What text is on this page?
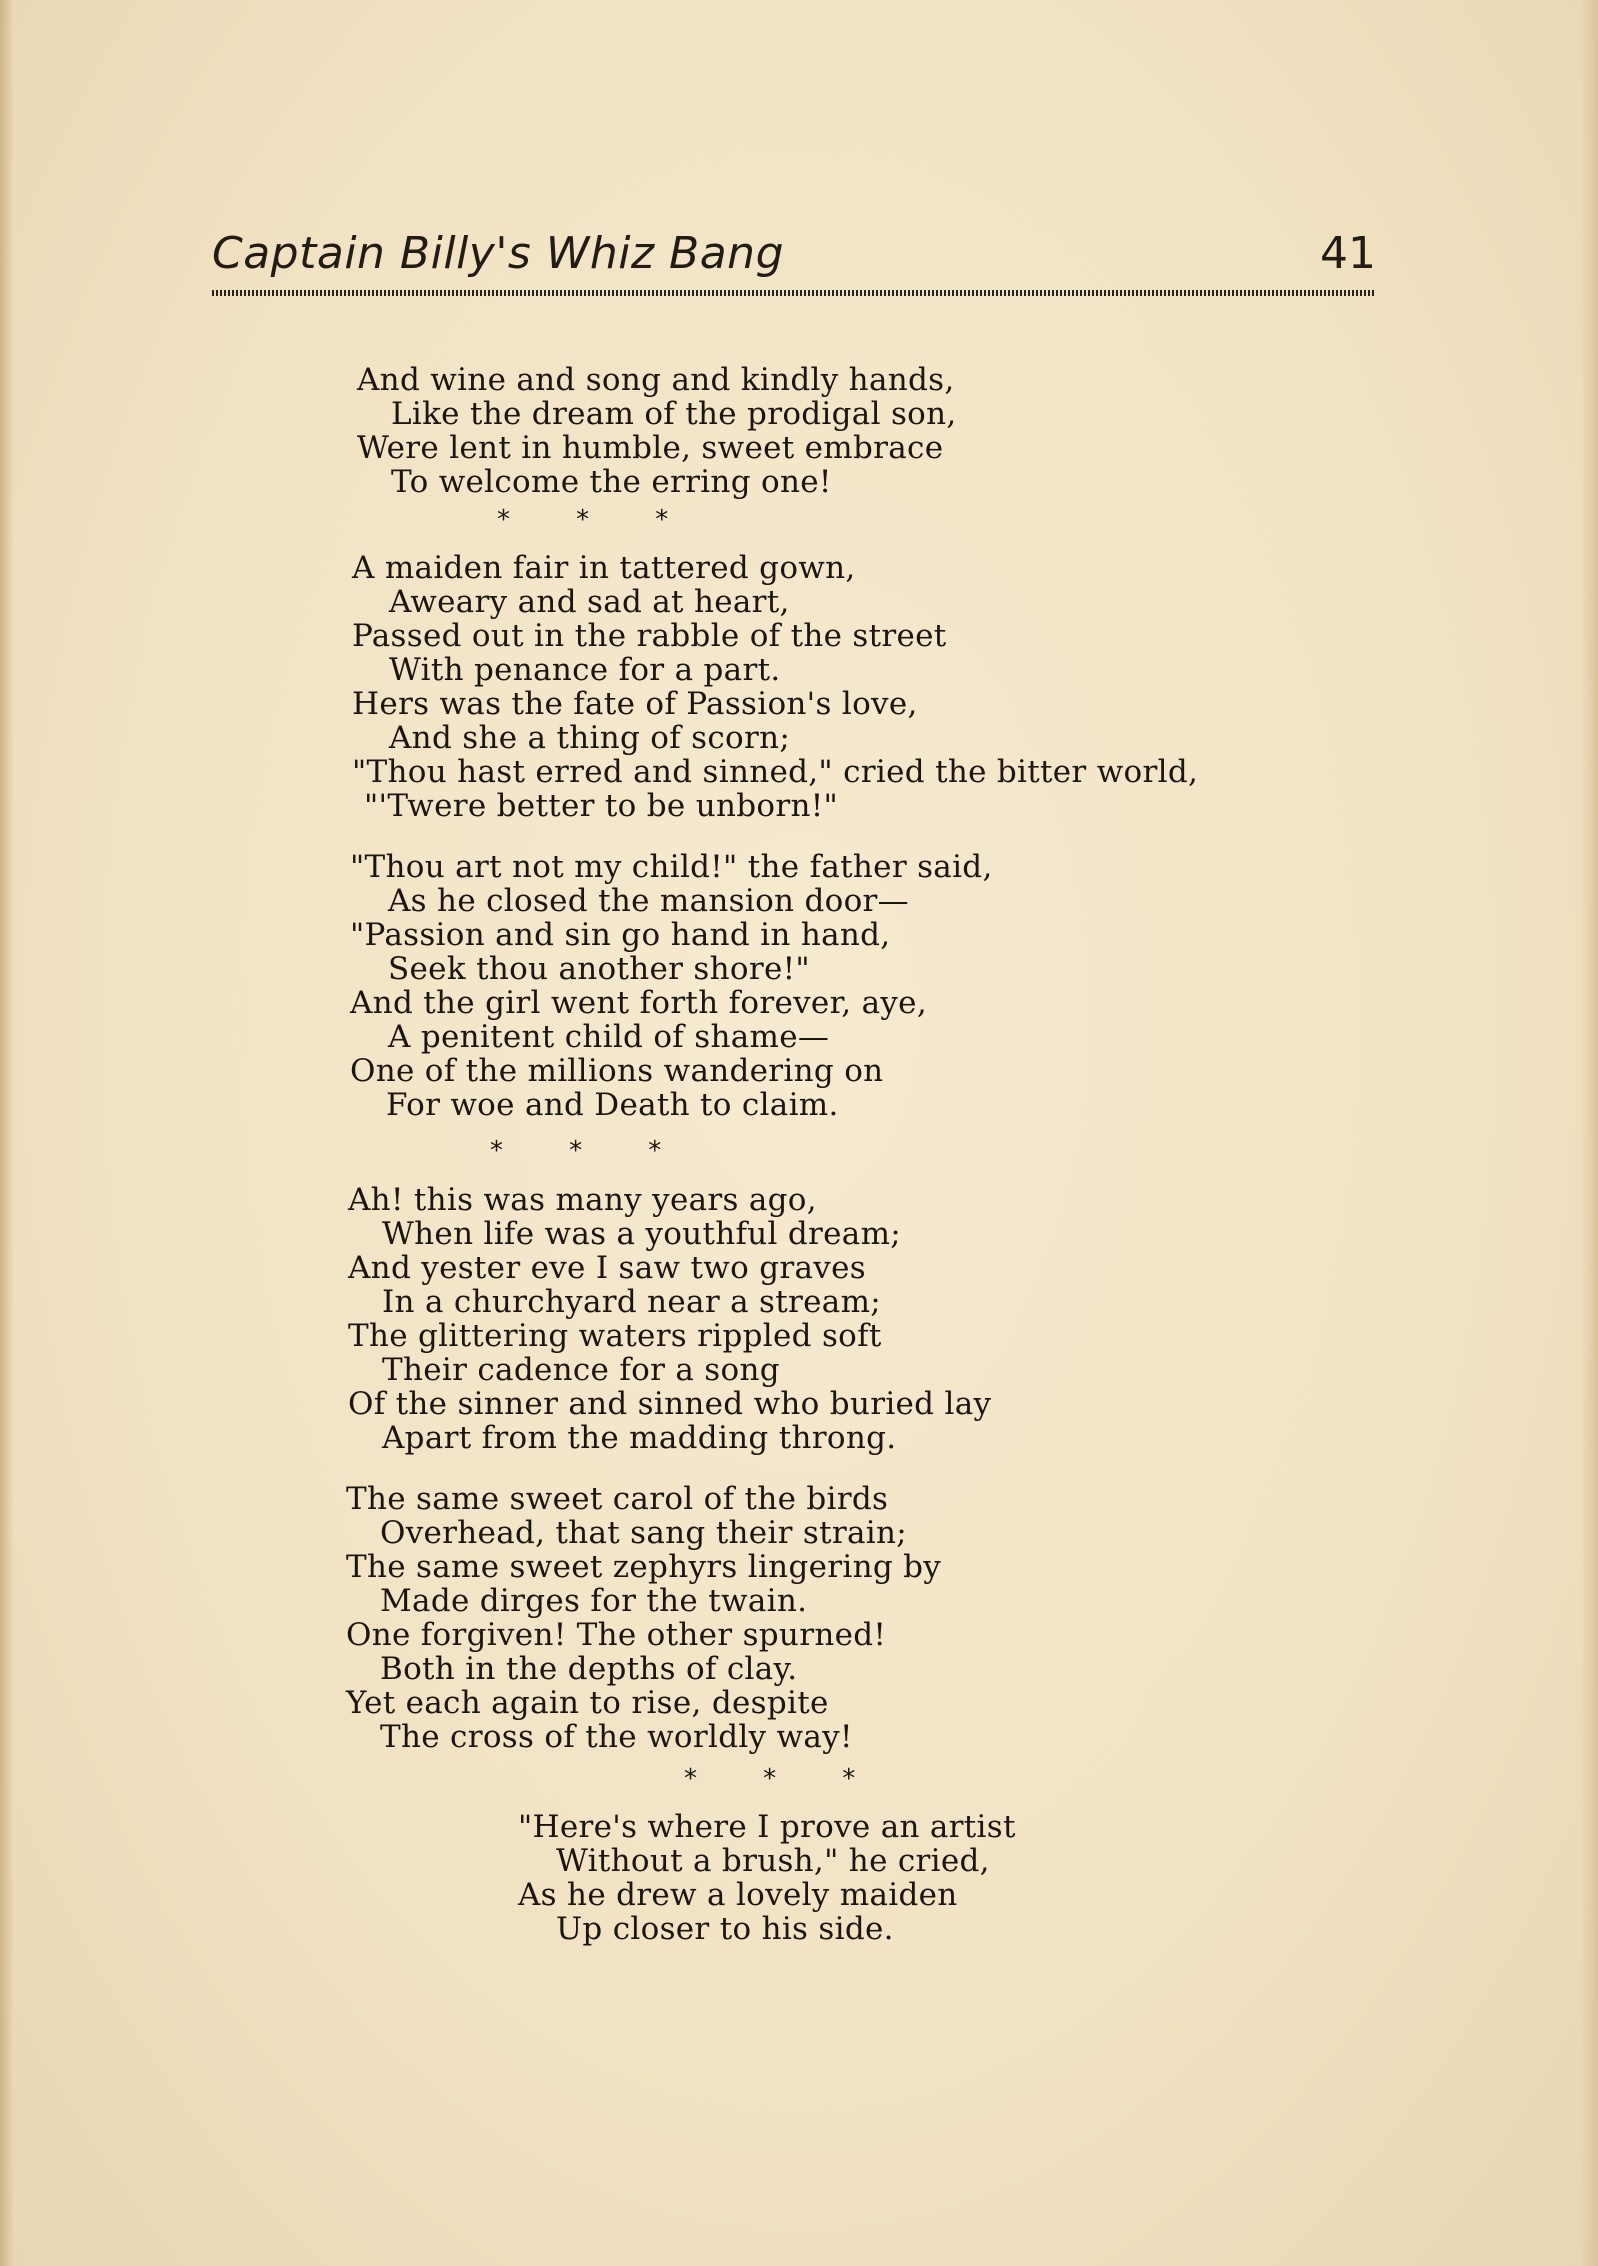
Captain Billy's Whiz Bang	41
And wine and song and kindly hands,
Like the dream of the prodigal son,
Were lent in humble, sweet embrace
To welcome the erring one!
*        *        *
A maiden fair in tattered gown,
Aweary and sad at heart,
Passed out in the rabble of the street
With penance for a part.
Hers was the fate of Passion's love,
And she a thing of scorn;
"Thou hast erred and sinned," cried the bitter world,
"'Twere better to be unborn!"
"Thou art not my child!" the father said,
As he closed the mansion door—
"Passion and sin go hand in hand,
Seek thou another shore!"
And the girl went forth forever, aye,
A penitent child of shame—
One of the millions wandering on
For woe and Death to claim.
*        *        *
Ah! this was many years ago,
When life was a youthful dream;
And yester eve I saw two graves
In a churchyard near a stream;
The glittering waters rippled soft
Their cadence for a song
Of the sinner and sinned who buried lay
Apart from the madding throng.
The same sweet carol of the birds
Overhead, that sang their strain;
The same sweet zephyrs lingering by
Made dirges for the twain.
One forgiven! The other spurned!
Both in the depths of clay.
Yet each again to rise, despite
The cross of the worldly way!
*        *        *
"Here's where I prove an artist
Without a brush," he cried,
As he drew a lovely maiden
Up closer to his side.
